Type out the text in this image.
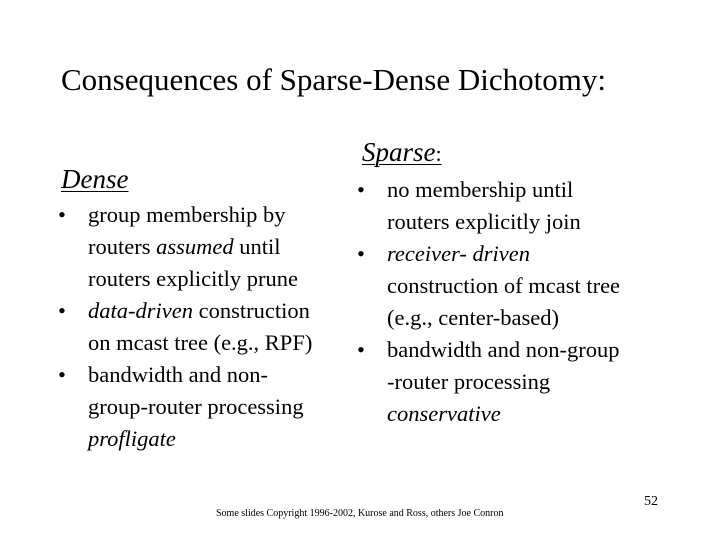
Consequences of Sparse-Dense Dichotomy:
Dense
Sparse:
• group membership by
routers assumed until
routers explicitly prune
• data-driven construction
on mcast tree (e.g., RPF)
• bandwidth and non-
group-router processing
profligate
• no membership until
routers explicitly join
• receiver- driven
construction of mcast tree
(e.g., center-based)
• bandwidth and non-group
-router processing
conservative
Some slides Copyright 1996-2002, Kurose and Ross, others Joe Conron
52
